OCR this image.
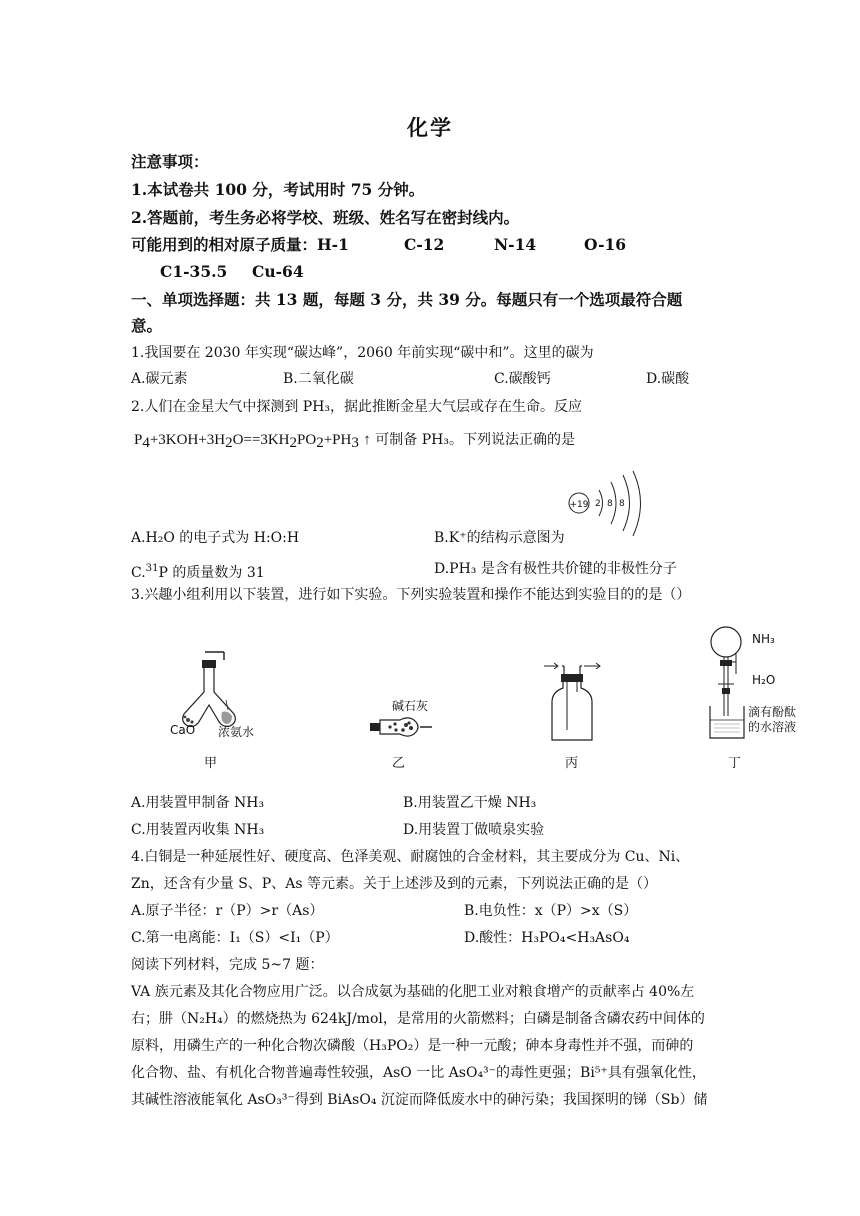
化学
注意事项：
1.本试卷共 100 分，考试用时 75 分钟。
2.答题前，考生务必将学校、班级、姓名写在密封线内。
可能用到的相对原子质量：H-1	C-12	N-14	O-16
C1-35.5 Cu-64
一、单项选择题：共 13 题，每题 3 分，共 39 分。每题只有一个选项最符合题
意。
1.我国要在 2030 年实现“碳达峰”，2060 年前实现“碳中和”。这里的碳为
A.碳元素	B.二氧化碳	C.碳酸钙	D.碳酸
2.人们在金星大气中探测到 PH₃，据此推断金星大气层或存在生命。反应
P4+3KOH+3H2O==3KH2PO2+PH3 ↑ 可制备 PH₃。下列说法正确的是
+19 2 8 8
A.H₂O 的电子式为 H:O:H	B.K⁺的结构示意图为
C.$^{31}$P 的质量数为 31	D.PH₃ 是含有极性共价键的非极性分子
3.兴趣小组利用以下装置，进行如下实验。下列实验装置和操作不能达到实验目的的是（）
CaO 浓氨水
甲
碱石灰
乙	丙
NH₃
H₂O
滴有酚酞
的水溶液
丁
A.用装置甲制备 NH₃	B.用装置乙干燥 NH₃
C.用装置丙收集 NH₃	D.用装置丁做喷泉实验
4.白铜是一种延展性好、硬度高、色泽美观、耐腐蚀的合金材料，其主要成分为 Cu、Ni、
Zn，还含有少量 S、P、As 等元素。关于上述涉及到的元素，下列说法正确的是（）
A.原子半径：r（P）>r（As）	B.电负性：x（P）>x（S）
C.第一电离能：I₁（S）<I₁（P）	D.酸性：H₃PO₄<H₃AsO₄
阅读下列材料，完成 5~7 题：
VA 族元素及其化合物应用广泛。以合成氨为基础的化肥工业对粮食增产的贡献率占 40%左
右；肼（N₂H₄）的燃烧热为 624kJ/mol，是常用的火箭燃料；白磷是制备含磷农药中间体的
原料，用磷生产的一种化合物次磷酸（H₃PO₂）是一种一元酸；砷本身毒性并不强，而砷的
化合物、盐、有机化合物普遍毒性较强，AsO 一比 AsO₄³⁻的毒性更强；Bi⁵⁺具有强氧化性，
其碱性溶液能氧化 AsO₃³⁻得到 BiAsO₄ 沉淀而降低废水中的砷污染；我国探明的锑（Sb）储
